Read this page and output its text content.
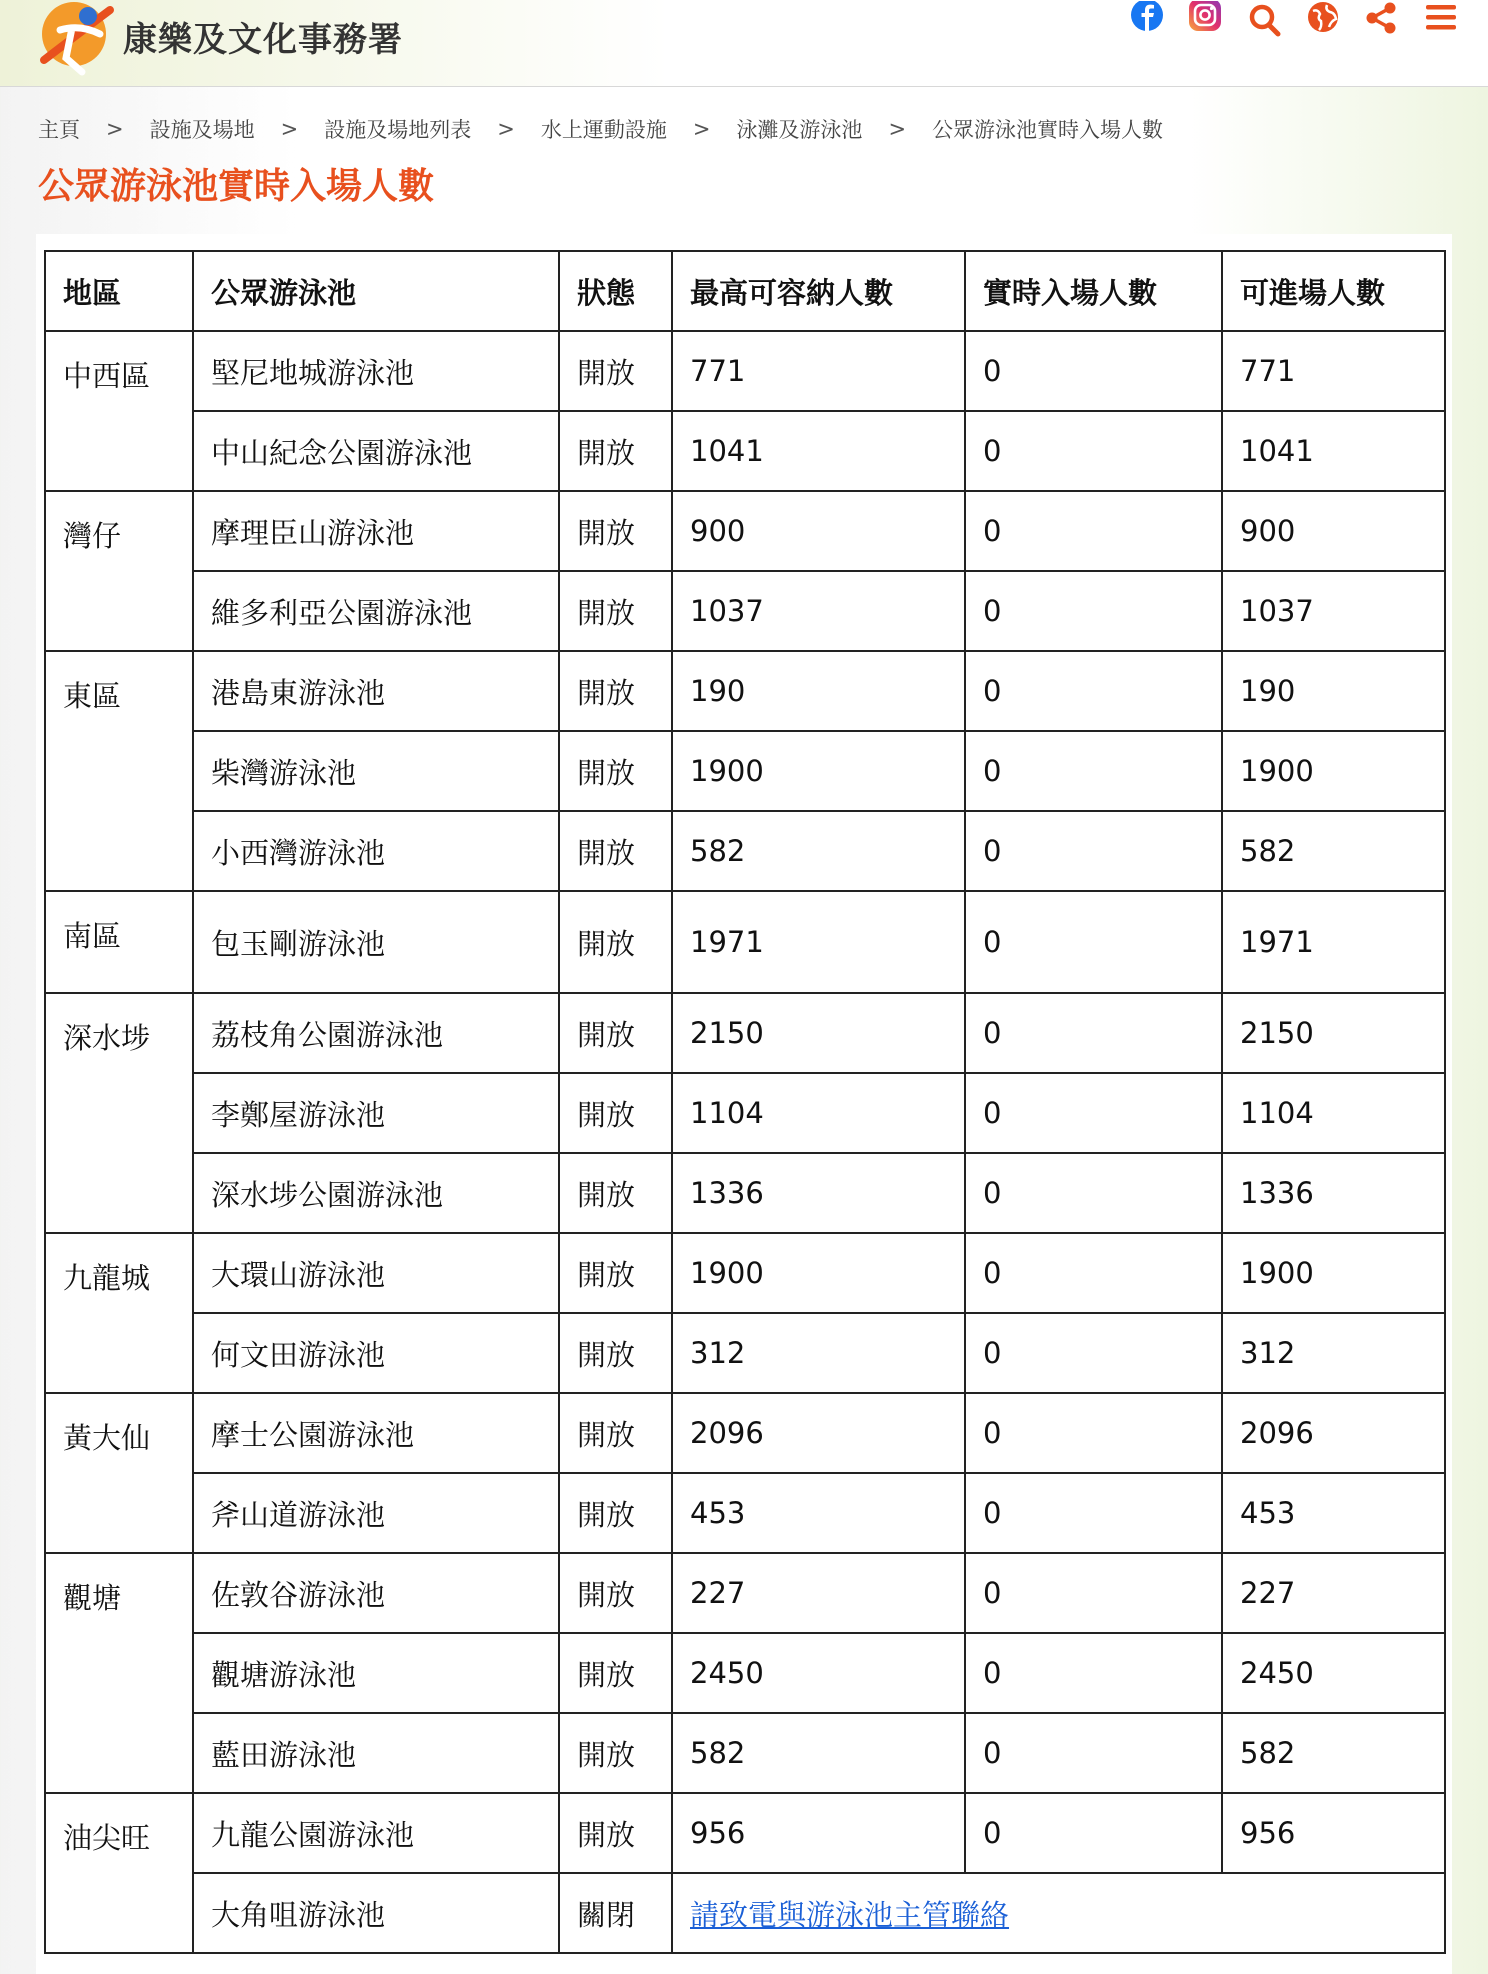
康樂及文化事務署
主頁 > 設施及場地 > 設施及場地列表 > 水上運動設施 > 泳灘及游泳池 > 公眾游泳池實時入場人數
公眾游泳池實時入場人數
地區	公眾游泳池	狀態	最高可容納人數	實時入場人數	可進場人數
中西區	堅尼地城游泳池	開放	771	0	771
	中山紀念公園游泳池	開放	1041	0	1041
灣仔	摩理臣山游泳池	開放	900	0	900
	維多利亞公園游泳池	開放	1037	0	1037
東區	港島東游泳池	開放	190	0	190
	柴灣游泳池	開放	1900	0	1900
	小西灣游泳池	開放	582	0	582
南區	包玉剛游泳池	開放	1971	0	1971
深水埗	荔枝角公園游泳池	開放	2150	0	2150
	李鄭屋游泳池	開放	1104	0	1104
	深水埗公園游泳池	開放	1336	0	1336
九龍城	大環山游泳池	開放	1900	0	1900
	何文田游泳池	開放	312	0	312
黃大仙	摩士公園游泳池	開放	2096	0	2096
	斧山道游泳池	開放	453	0	453
觀塘	佐敦谷游泳池	開放	227	0	227
	觀塘游泳池	開放	2450	0	2450
	藍田游泳池	開放	582	0	582
油尖旺	九龍公園游泳池	開放	956	0	956
	大角咀游泳池	關閉	請致電與游泳池主管聯絡		
